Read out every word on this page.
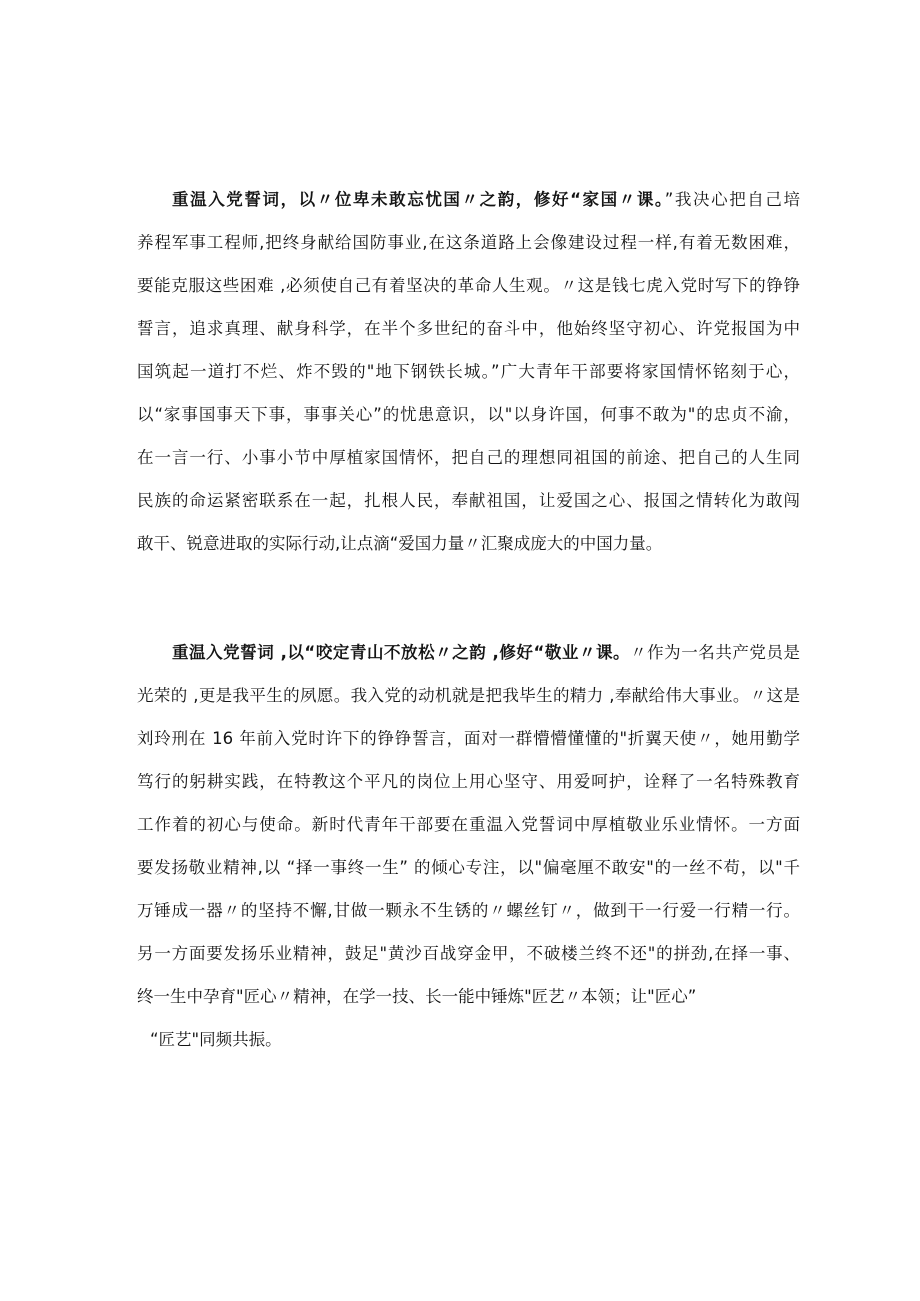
重温入党誓词，以〃位卑未敢忘忧国〃之韵，修好“家国〃课。”我决心把自己培
养程军事工程师,把终身献给国防事业,在这条道路上会像建设过程一样,有着无数困难，
要能克服这些困难 ,必须使自己有着坚决的革命人生观。〃这是钱七虎入党时写下的铮铮
誓言，追求真理、献身科学，在半个多世纪的奋斗中，他始终坚守初心、许党报国为中
国筑起一道打不烂、炸不毁的"地下钢铁长城。”广大青年干部要将家国情怀铭刻于心，
以“家事国事天下事，事事关心”的忧患意识，以"以身许国，何事不敢为"的忠贞不渝，
在一言一行、小事小节中厚植家国情怀，把自己的理想同祖国的前途、把自己的人生同
民族的命运紧密联系在一起，扎根人民，奉献祖国，让爱国之心、报国之情转化为敢闯
敢干、锐意进取的实际行动,让点滴“爱国力量〃汇聚成庞大的中国力量。
重温入党誓词 ,以“咬定青山不放松〃之韵 ,修好“敬业〃课。〃作为一名共产党员是
光荣的 ,更是我平生的夙愿。我入党的动机就是把我毕生的精力 ,奉献给伟大事业。〃这是
刘玲刑在 16 年前入党时许下的铮铮誓言，面对一群懵懵懂懂的"折翼天使〃，她用勤学
笃行的躬耕实践，在特教这个平凡的岗位上用心坚守、用爱呵护，诠释了一名特殊教育
工作着的初心与使命。新时代青年干部要在重温入党誓词中厚植敬业乐业情怀。一方面
要发扬敬业精神,以 “择一事终一生” 的倾心专注，以"偏毫厘不敢安"的一丝不苟，以"千
万锤成一器〃的坚持不懈,甘做一颗永不生锈的〃螺丝钉〃，做到干一行爱一行精一行。
另一方面要发扬乐业精神，鼓足"黄沙百战穿金甲，不破楼兰终不还"的拼劲,在择一事、
终一生中孕育"匠心〃精神，在学一技、长一能中锤炼"匠艺〃本领；让"匠心”
“匠艺"同频共振。
